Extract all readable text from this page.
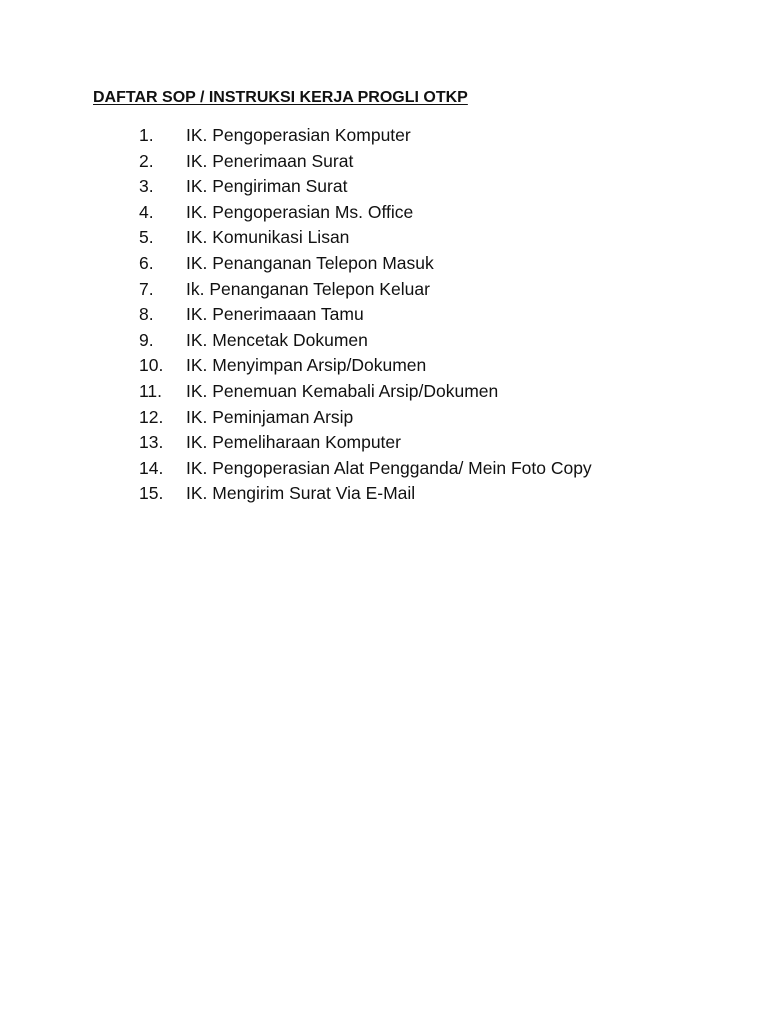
DAFTAR SOP / INSTRUKSI KERJA PROGLI OTKP
1.	IK. Pengoperasian Komputer
2.	IK. Penerimaan Surat
3.	IK. Pengiriman Surat
4.	IK. Pengoperasian Ms. Office
5.	IK. Komunikasi Lisan
6.	IK. Penanganan Telepon Masuk
7.	Ik. Penanganan Telepon Keluar
8.	IK. Penerimaaan Tamu
9.	IK. Mencetak Dokumen
10.	IK. Menyimpan Arsip/Dokumen
11.	IK. Penemuan Kemabali Arsip/Dokumen
12.	IK. Peminjaman Arsip
13.	IK. Pemeliharaan Komputer
14.	IK. Pengoperasian Alat Pengganda/ Mein Foto Copy
15.	IK. Mengirim Surat Via E-Mail
